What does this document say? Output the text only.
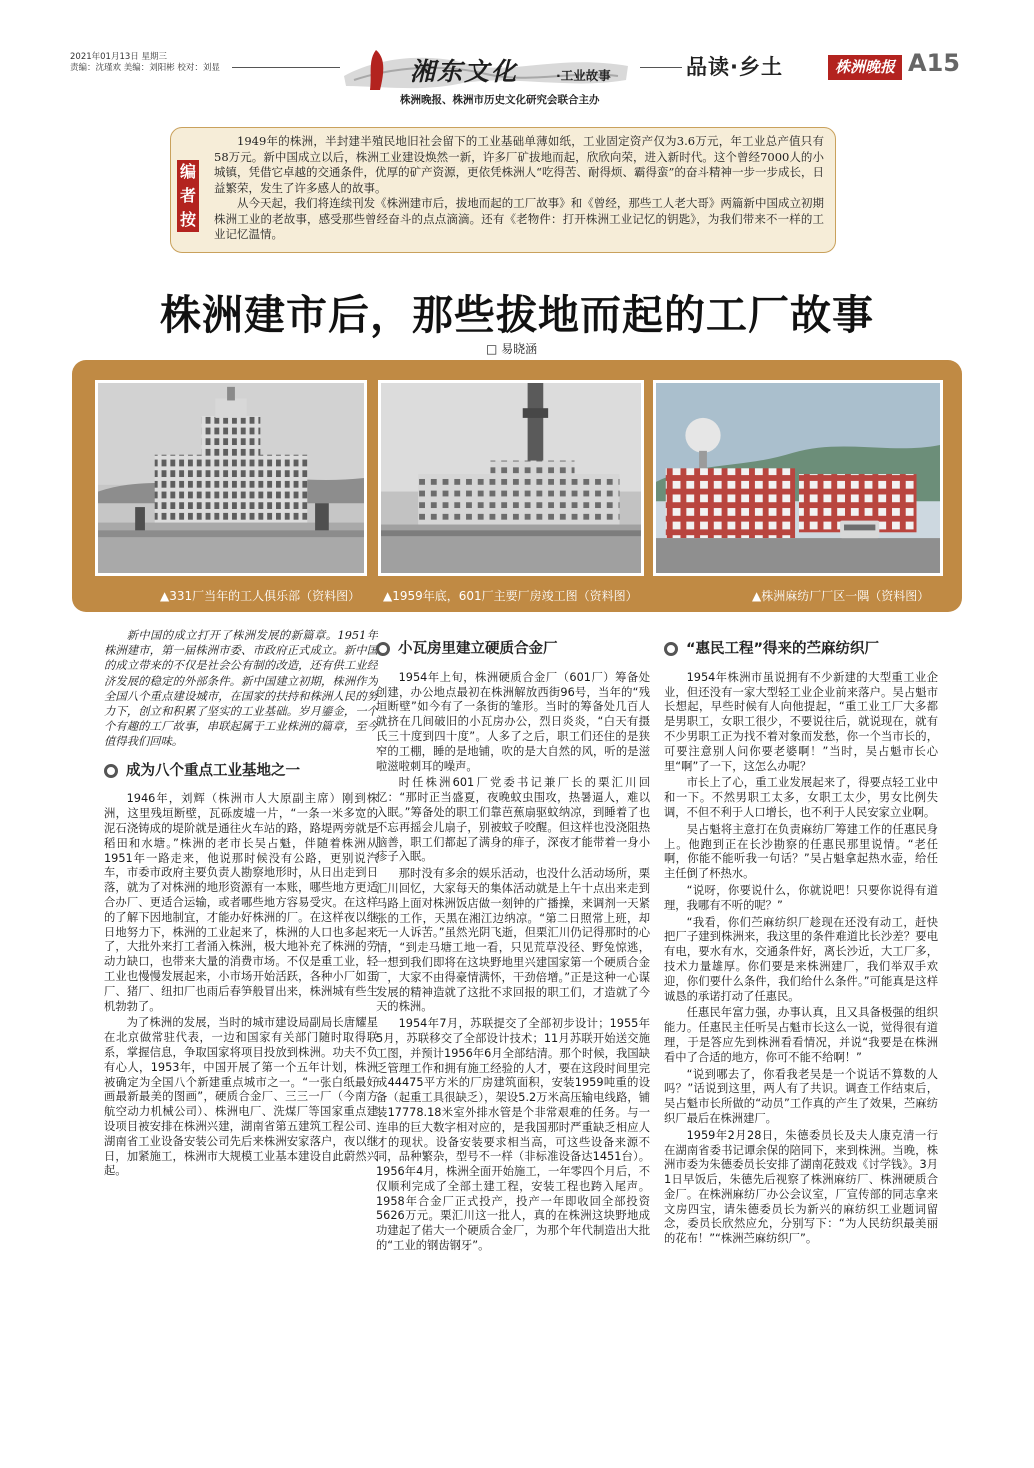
2021年01月13日 星期三
责编：沈瑾欢 美编：刘阳彬 校对：刘显	湘东文化	·工业故事
株洲晚报、株洲市历史文化研究会联合主办
品读·乡土	株洲晚报 A15
编者按

1949年的株洲，半封建半殖民地旧社会留下的工业基础单薄如纸，工业固定资产仅为3.6万元，年工业总产值只有58万元。新中国成立以后，株洲工业建设焕然一新，许多厂矿拔地而起，欣欣向荣，进入新时代。这个曾经7000人的小城镇，凭借它卓越的交通条件，优厚的矿产资源，更依凭株洲人“吃得苦、耐得烦、霸得蛮”的奋斗精神一步一步成长，日益繁荣，发生了许多感人的故事。

从今天起，我们将连续刊发《株洲建市后，拔地而起的工厂故事》和《曾经，那些工人老大哥》两篇新中国成立初期株洲工业的老故事，感受那些曾经奋斗的点点滴滴。还有《老物件：打开株洲工业记忆的钥匙》，为我们带来不一样的工业记忆温情。

株洲建市后，那些拔地而起的工厂故事
□ 易晓涵
▲331厂当年的工人俱乐部（资料图） ▲1959年底，601厂主要厂房竣工图（资料图）	▲株洲麻纺厂厂区一隅（资料图）

新中国的成立打开了株洲发展的新篇章。1951年株洲建市，第一届株洲市委、市政府正式成立。新中国的成立带来的不仅是社会公有制的改造，还有供工业经济发展的稳定的外部条件。新中国建立初期，株洲作为全国八个重点建设城市，在国家的扶持和株洲人民的努力下，创立和积累了坚实的工业基础。岁月鎏金，一个个有趣的工厂故事，串联起属于工业株洲的篇章，至今值得我们回味。

成为八个重点工业基地之一

1946年，刘辉（株洲市人大原副主席）刚到株洲，这里残垣断壁，瓦砾废墟一片，“一条一米多宽的泥石浇铸成的堤阶就是通往火车站的路，路堤两旁就是稻田和水塘。”株洲的老市长吴占魁，伴随着株洲从1951年一路走来，他说那时候没有公路，更别说汽车，市委市政府主要负责人勘察地形时，从日出走到日落，就为了对株洲的地形资源有一本账，哪些地方更适合办厂、更适合运输，或者哪些地方容易受灾。在这样的了解下因地制宜，才能办好株洲的厂。在这样夜以继日地努力下，株洲的工业起来了，株洲的人口也多起来了，大批外来打工者涌入株洲，极大地补充了株洲的劳动力缺口，也带来大量的消费市场。不仅是重工业，轻工业也慢慢发展起来，小市场开始活跃，各种小厂如蛋厂、猪厂、纽扣厂也雨后春笋般冒出来，株洲城有些生机勃勃了。

为了株洲的发展，当时的城市建设局副局长唐耀星在北京做常驻代表，一边和国家有关部门随时取得联系，掌握信息，争取国家将项目投放到株洲。功夫不负有心人，1953年，中国开展了第一个五年计划，株洲被确定为全国八个新建重点城市之一。“一张白纸最好画最新最美的图画”，硬质合金厂、三三一厂（今南方航空动力机械公司）、株洲电厂、洗煤厂等国家重点建设项目被安排在株洲兴建，湖南省第五建筑工程公司、湖南省工业设备安装公司先后来株洲安家落户，夜以继日，加紧施工，株洲市大规模工业基本建设自此蔚然兴起。

小瓦房里建立硬质合金厂

1954年上旬，株洲硬质合金厂（601厂）筹备处创建，办公地点最初在株洲解放西街96号，当年的“残垣断壁”如今有了一条街的雏形。当时的筹备处几百人就挤在几间破旧的小瓦房办公，烈日炎炎，“白天有摄氏三十度到四十度”。人多了之后，职工们还住的是狭窄的工棚，睡的是地铺，吹的是大自然的风，听的是滋啦滋啦刺耳的噪声。

时任株洲601厂党委书记兼厂长的栗汇川回忆：“那时正当盛夏，夜晚蚊虫围攻，热暑逼人，难以入眠。”筹备处的职工们靠芭蕉扇驱蚊纳凉，到睡着了也不忘再摇会儿扇子，别被蚊子咬醒。但这样也没浇阻热脑善，职工们都起了满身的痱子，深夜才能带着一身小疹子入眠。

那时没有多余的娱乐活动，也没什么活动场所，栗汇川回忆，大家每天的集体活动就是上午十点出来走到马路上面对株洲饭店做一刻钟的广播操，来调剂一天紧张的工作，天黑在湘江边纳凉。“第二日照常上班，却无一人诉苦。”虽然光阴飞逝，但栗汇川仍记得那时的心情，“到走马塘工地一看，只见荒草没径、野兔惊逃，一想到我们即将在这块野地里兴建国家第一个硬质合金厂，大家不由得豪情满怀，干劲倍增。”正是这种一心谋发展的精神造就了这批不求回报的职工们，才造就了今天的株洲。

1954年7月，苏联提交了全部初步设计；1955年5月，苏联移交了全部设计技术；11月苏联开始送交施工图，并预计1956年6月全部结清。那个时候，我国缺乏管理工作和拥有施工经验的人才，要在这段时间里完成44475平方米的厂房建筑面积，安装1959吨重的设备（起重工具很缺乏），架设5.2万米高压输电线路，铺装17778.18米室外排水管是个非常艰难的任务。与一连串的巨大数字相对应的，是我国那时严重缺乏相应人才的现状。设备安装要求相当高，可这些设备来源不同，品种繁杂，型号不一样（非标准设备达1451台）。1956年4月，株洲全面开始施工，一年零四个月后，不仅顺利完成了全部土建工程，安装工程也跨入尾声。1958年合金厂正式投产，投产一年即收回全部投资5626万元。栗汇川这一批人，真的在株洲这块野地成功建起了偌大一个硬质合金厂，为那个年代制造出大批的“工业的钢齿钢牙”。

“惠民工程”得来的苎麻纺织厂

1954年株洲市虽说拥有不少新建的大型重工业企业，但还没有一家大型轻工业企业前来落户。吴占魁市长想起，早些时候有人向他提起，“重工业工厂大多都是男职工，女职工很少，不要说往后，就说现在，就有不少男职工正为找不着对象而发愁，你一个当市长的，可要注意别人问你要老婆啊！”当时，吴占魁市长心里“啊”了一下，这怎么办呢？

市长上了心，重工业发展起来了，得要点轻工业中和一下。不然男职工太多，女职工太少，男女比例失调，不但不利于人口增长，也不利于人民安家立业啊。

吴占魁将主意打在负责麻纺厂筹建工作的任惠民身上。他跑到正在长沙勘察的任惠民那里说情。“老任啊，你能不能听我一句话？”吴占魁拿起热水壶，给任主任倒了杯热水。

“说呀，你要说什么，你就说吧！只要你说得有道理，我哪有不听的呢？”

“我看，你们苎麻纺织厂趁现在还没有动工，赶快把厂子建到株洲来，我这里的条件难道比长沙差？要电有电，要水有水，交通条件好，离长沙近，大工厂多，技术力量雄厚。你们要是来株洲建厂，我们举双手欢迎，你们要什么条件，我们给什么条件。”可能真是这样诚恳的承诺打动了任惠民。

任惠民年富力强，办事认真，且又具备极强的组织能力。任惠民主任听吴占魁市长这么一说，觉得很有道理，于是答应先到株洲看看情况，并说“我要是在株洲看中了合适的地方，你可不能不给啊！”

“说到哪去了，你看我老吴是一个说话不算数的人吗？”话说到这里，两人有了共识。调查工作结束后，吴占魁市长所做的“动员”工作真的产生了效果，苎麻纺织厂最后在株洲建厂。

1959年2月28日，朱德委员长及夫人康克清一行在湖南省委书记谭余保的陪同下，来到株洲。当晚，株洲市委为朱德委员长安排了湖南花鼓戏《讨学钱》。3月1日早饭后，朱德先后视察了株洲麻纺厂、株洲硬质合金厂。在株洲麻纺厂办公会议室，厂宣传部的同志拿来文房四宝，请朱德委员长为新兴的麻纺织工业题词留念，委员长欣然应允，分别写下：“为人民纺织最美丽的花布！”“株洲苎麻纺织厂”。
